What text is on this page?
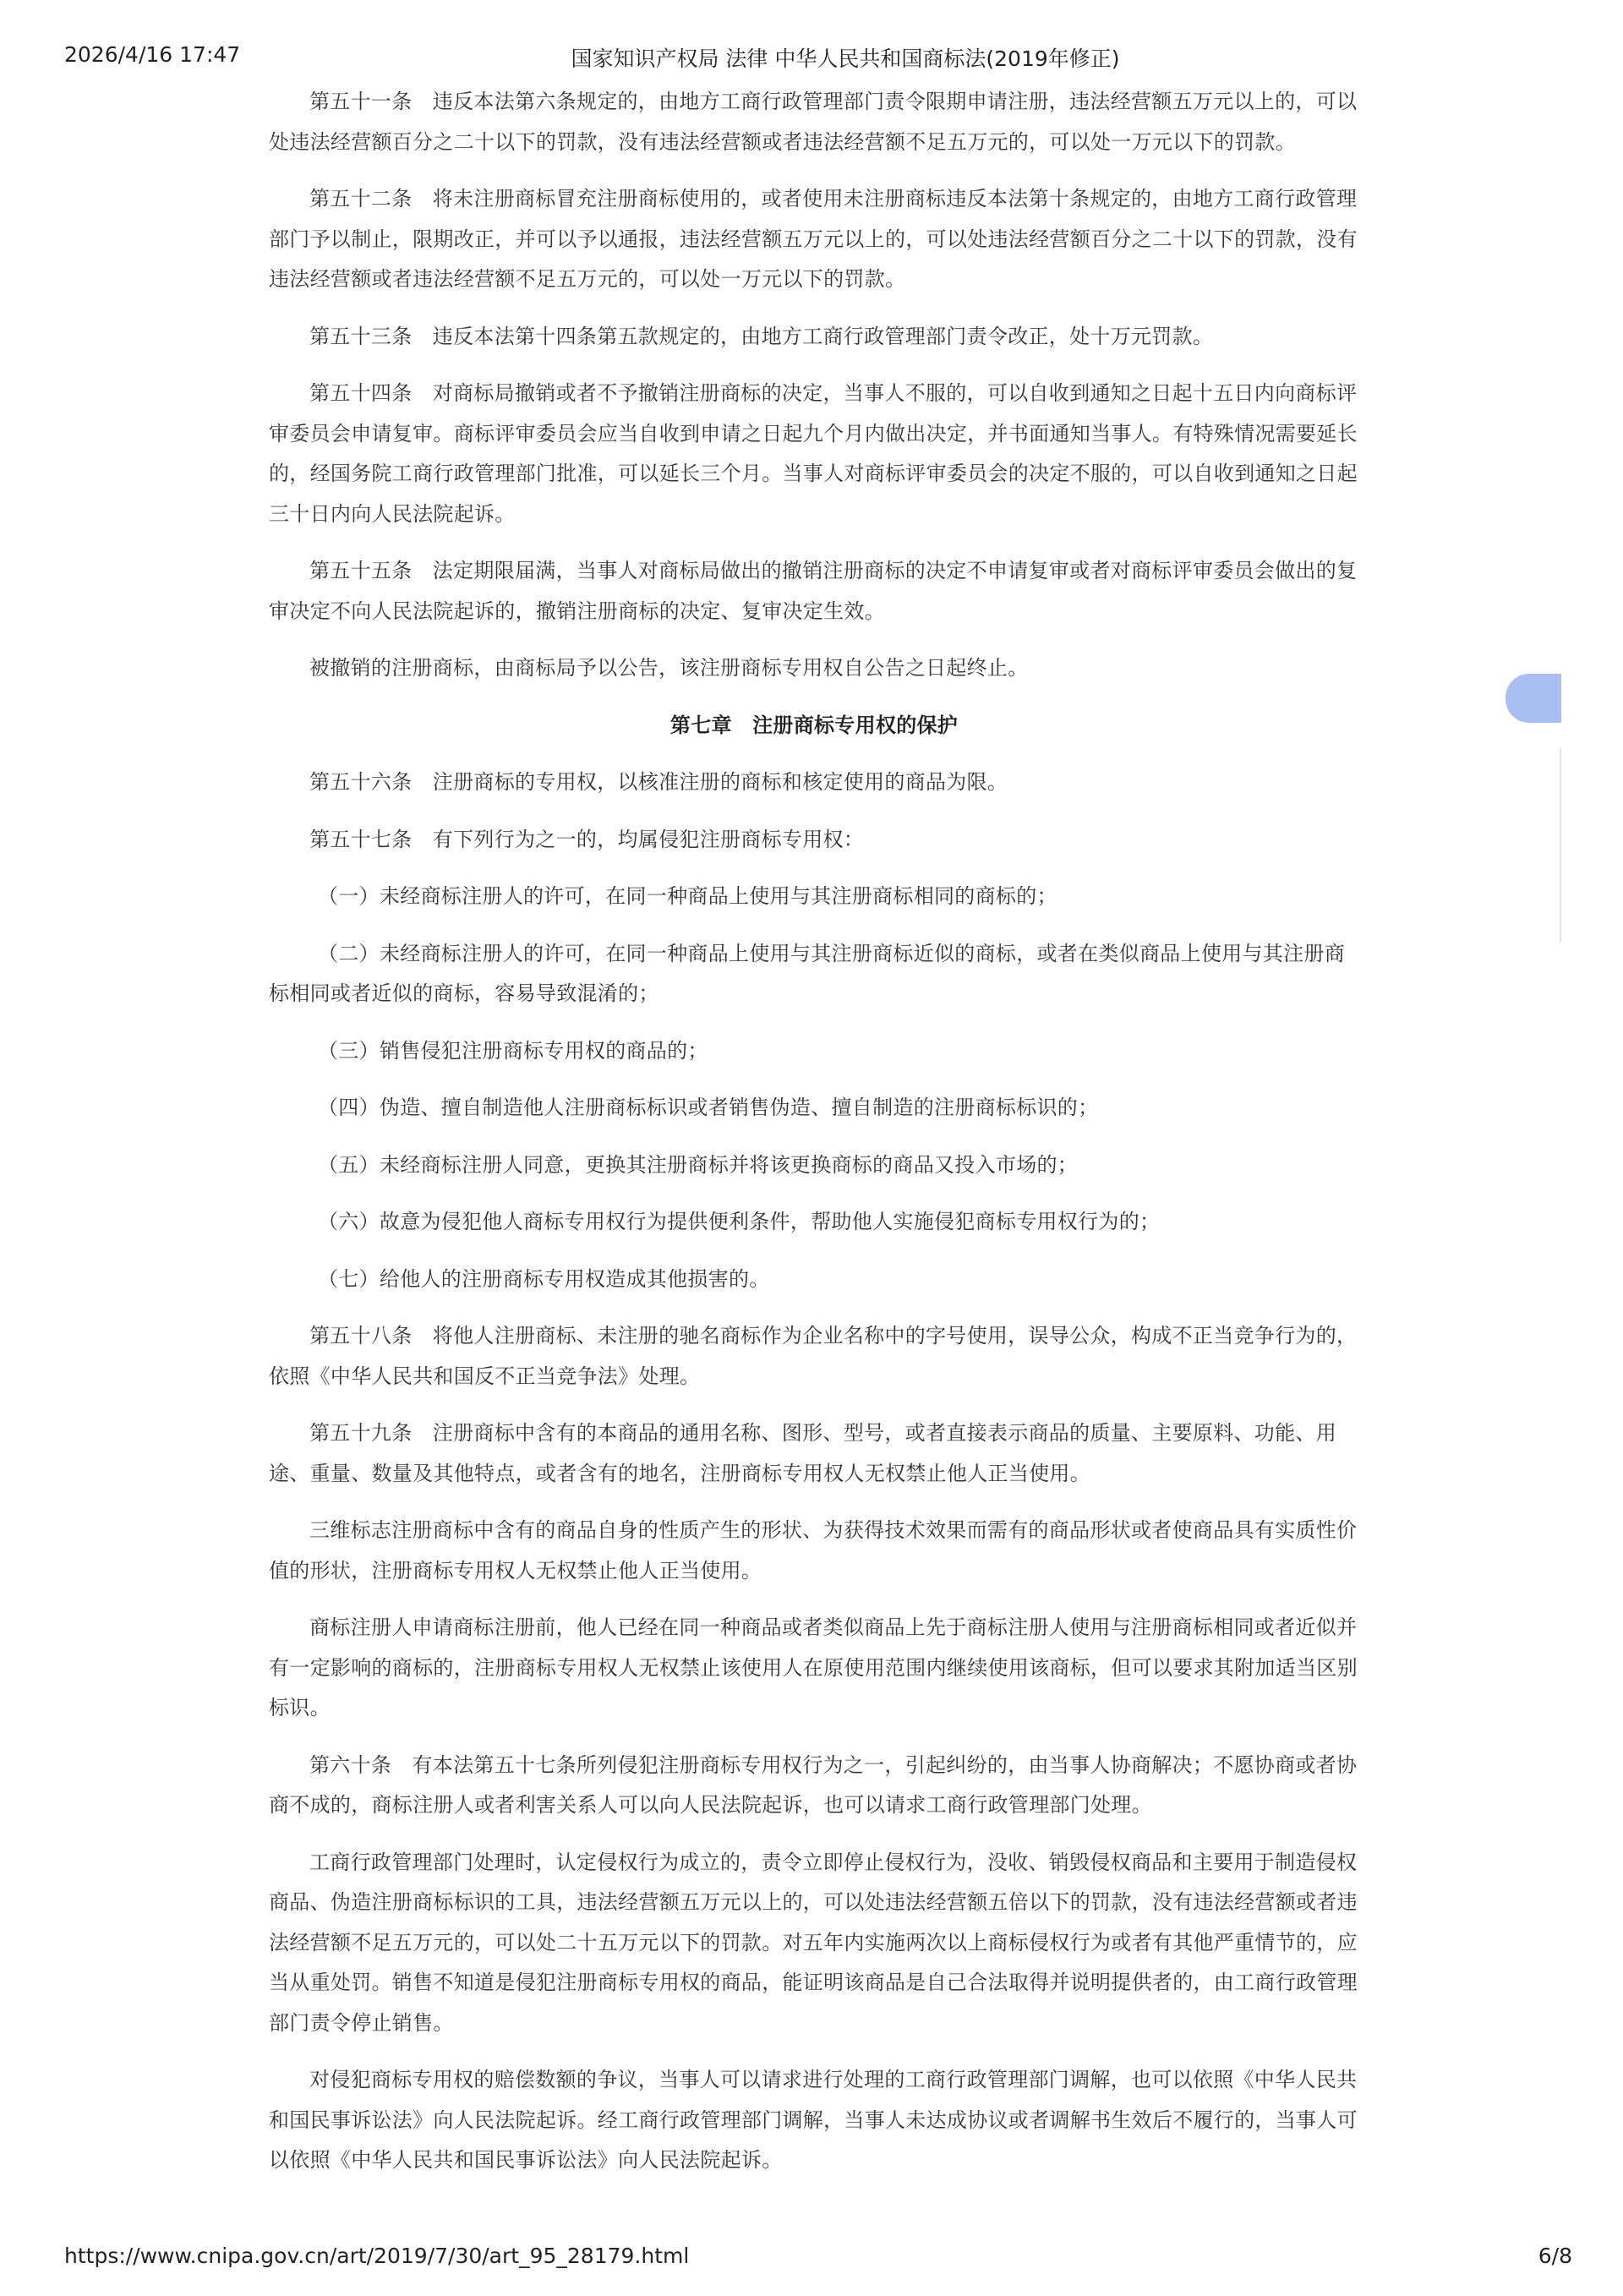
2026/4/16 17:47	国家知识产权局 法律 中华人民共和国商标法(2019年修正)

第五十一条　违反本法第六条规定的，由地方工商行政管理部门责令限期申请注册，违法经营额五万元以上的，可以处违法经营额百分之二十以下的罚款，没有违法经营额或者违法经营额不足五万元的，可以处一万元以下的罚款。

第五十二条　将未注册商标冒充注册商标使用的，或者使用未注册商标违反本法第十条规定的，由地方工商行政管理部门予以制止，限期改正，并可以予以通报，违法经营额五万元以上的，可以处违法经营额百分之二十以下的罚款，没有违法经营额或者违法经营额不足五万元的，可以处一万元以下的罚款。

第五十三条　违反本法第十四条第五款规定的，由地方工商行政管理部门责令改正，处十万元罚款。

第五十四条　对商标局撤销或者不予撤销注册商标的决定，当事人不服的，可以自收到通知之日起十五日内向商标评审委员会申请复审。商标评审委员会应当自收到申请之日起九个月内做出决定，并书面通知当事人。有特殊情况需要延长的，经国务院工商行政管理部门批准，可以延长三个月。当事人对商标评审委员会的决定不服的，可以自收到通知之日起三十日内向人民法院起诉。

第五十五条　法定期限届满，当事人对商标局做出的撤销注册商标的决定不申请复审或者对商标评审委员会做出的复审决定不向人民法院起诉的，撤销注册商标的决定、复审决定生效。

被撤销的注册商标，由商标局予以公告，该注册商标专用权自公告之日起终止。

第七章　注册商标专用权的保护

第五十六条　注册商标的专用权，以核准注册的商标和核定使用的商品为限。

第五十七条　有下列行为之一的，均属侵犯注册商标专用权：

（一）未经商标注册人的许可，在同一种商品上使用与其注册商标相同的商标的；

（二）未经商标注册人的许可，在同一种商品上使用与其注册商标近似的商标，或者在类似商品上使用与其注册商标相同或者近似的商标，容易导致混淆的；

（三）销售侵犯注册商标专用权的商品的；

（四）伪造、擅自制造他人注册商标标识或者销售伪造、擅自制造的注册商标标识的；

（五）未经商标注册人同意，更换其注册商标并将该更换商标的商品又投入市场的；

（六）故意为侵犯他人商标专用权行为提供便利条件，帮助他人实施侵犯商标专用权行为的；

（七）给他人的注册商标专用权造成其他损害的。

第五十八条　将他人注册商标、未注册的驰名商标作为企业名称中的字号使用，误导公众，构成不正当竞争行为的，依照《中华人民共和国反不正当竞争法》处理。

第五十九条　注册商标中含有的本商品的通用名称、图形、型号，或者直接表示商品的质量、主要原料、功能、用途、重量、数量及其他特点，或者含有的地名，注册商标专用权人无权禁止他人正当使用。

三维标志注册商标中含有的商品自身的性质产生的形状、为获得技术效果而需有的商品形状或者使商品具有实质性价值的形状，注册商标专用权人无权禁止他人正当使用。

商标注册人申请商标注册前，他人已经在同一种商品或者类似商品上先于商标注册人使用与注册商标相同或者近似并有一定影响的商标的，注册商标专用权人无权禁止该使用人在原使用范围内继续使用该商标，但可以要求其附加适当区别标识。

第六十条　有本法第五十七条所列侵犯注册商标专用权行为之一，引起纠纷的，由当事人协商解决；不愿协商或者协商不成的，商标注册人或者利害关系人可以向人民法院起诉，也可以请求工商行政管理部门处理。

工商行政管理部门处理时，认定侵权行为成立的，责令立即停止侵权行为，没收、销毁侵权商品和主要用于制造侵权商品、伪造注册商标标识的工具，违法经营额五万元以上的，可以处违法经营额五倍以下的罚款，没有违法经营额或者违法经营额不足五万元的，可以处二十五万元以下的罚款。对五年内实施两次以上商标侵权行为或者有其他严重情节的，应当从重处罚。销售不知道是侵犯注册商标专用权的商品，能证明该商品是自己合法取得并说明提供者的，由工商行政管理部门责令停止销售。

对侵犯商标专用权的赔偿数额的争议，当事人可以请求进行处理的工商行政管理部门调解，也可以依照《中华人民共和国民事诉讼法》向人民法院起诉。经工商行政管理部门调解，当事人未达成协议或者调解书生效后不履行的，当事人可以依照《中华人民共和国民事诉讼法》向人民法院起诉。

https://www.cnipa.gov.cn/art/2019/7/30/art_95_28179.html	6/8
